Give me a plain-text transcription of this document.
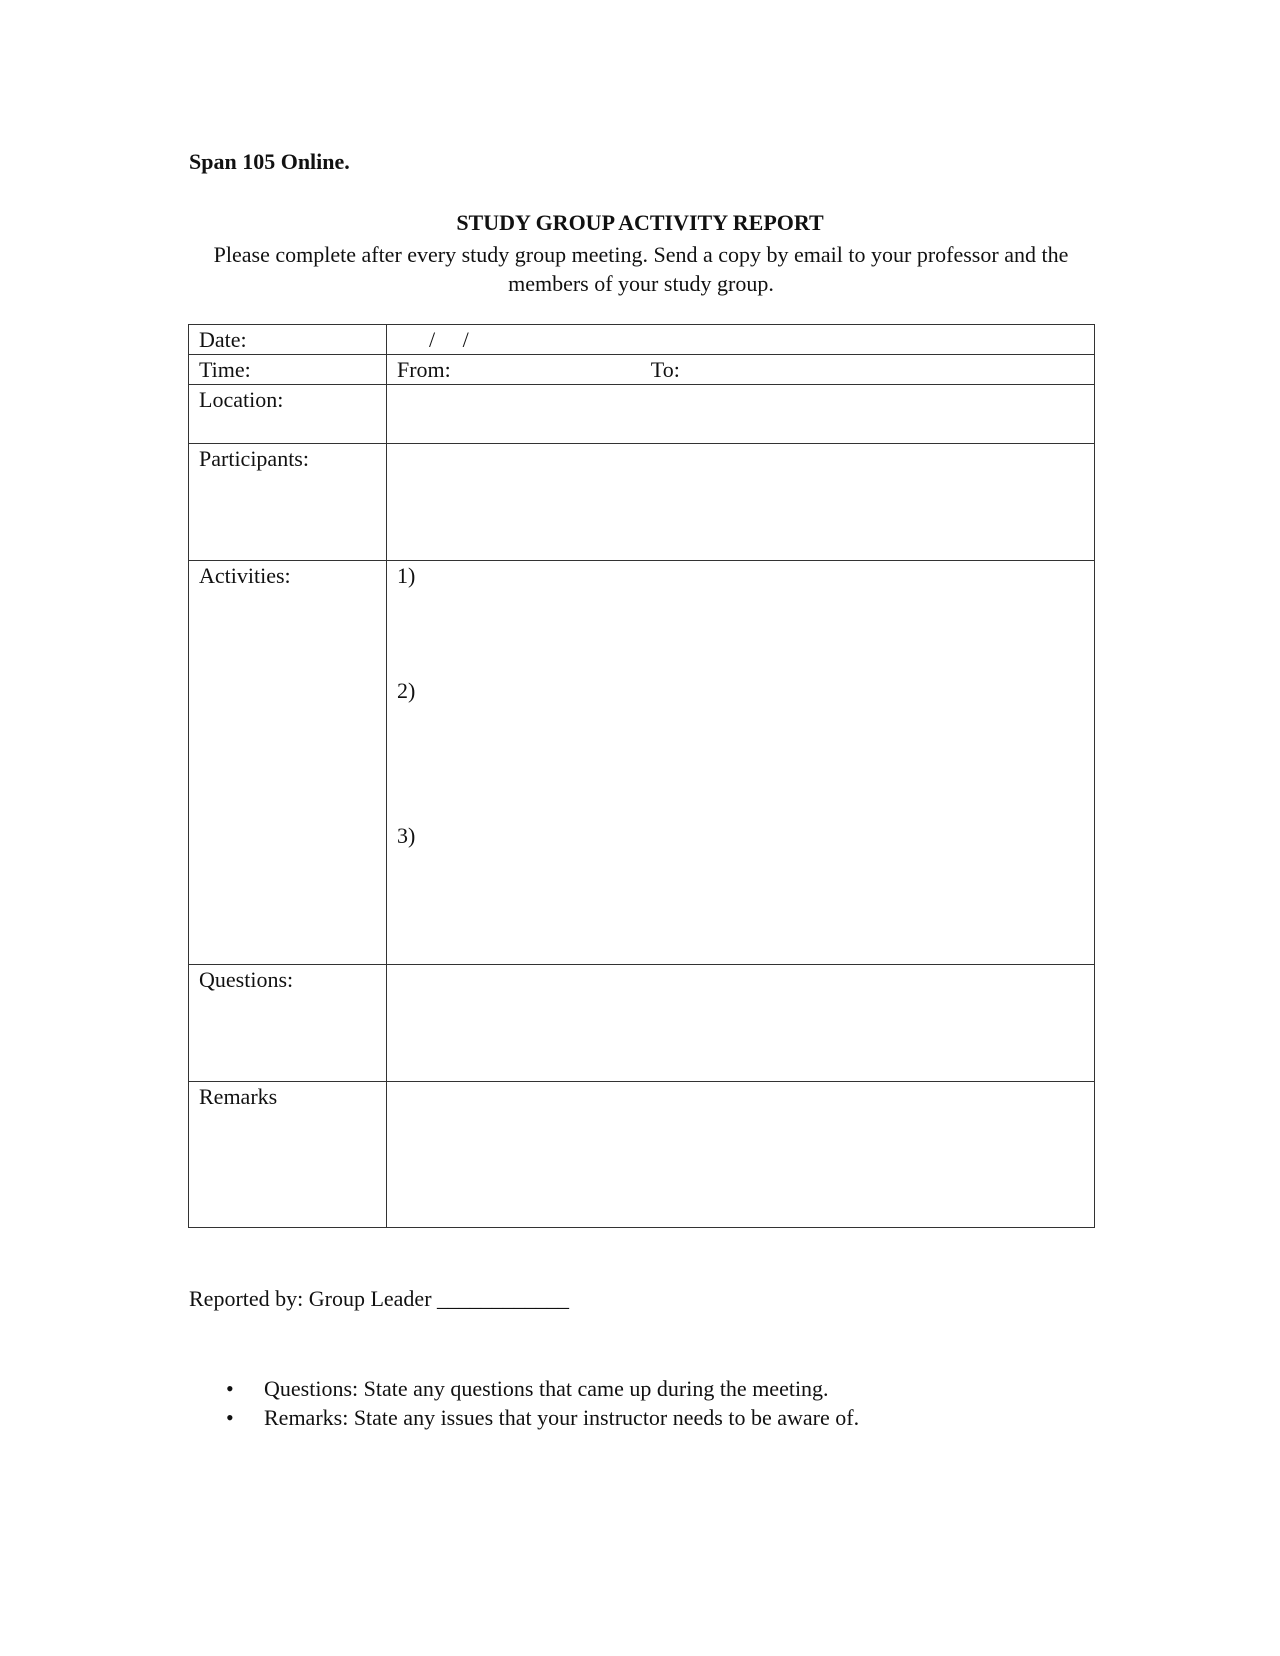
Span 105 Online.
STUDY GROUP ACTIVITY REPORT
Please complete after every study group meeting. Send a copy by email to your professor and the members of your study group.
Date:	/     /
Time:	From: To:
Location:	
Participants:	
Activities:	1)
2)
3)

Questions:	
Remarks	
Reported by: Group Leader ____________
• Questions: State any questions that came up during the meeting.
• Remarks: State any issues that your instructor needs to be aware of.
